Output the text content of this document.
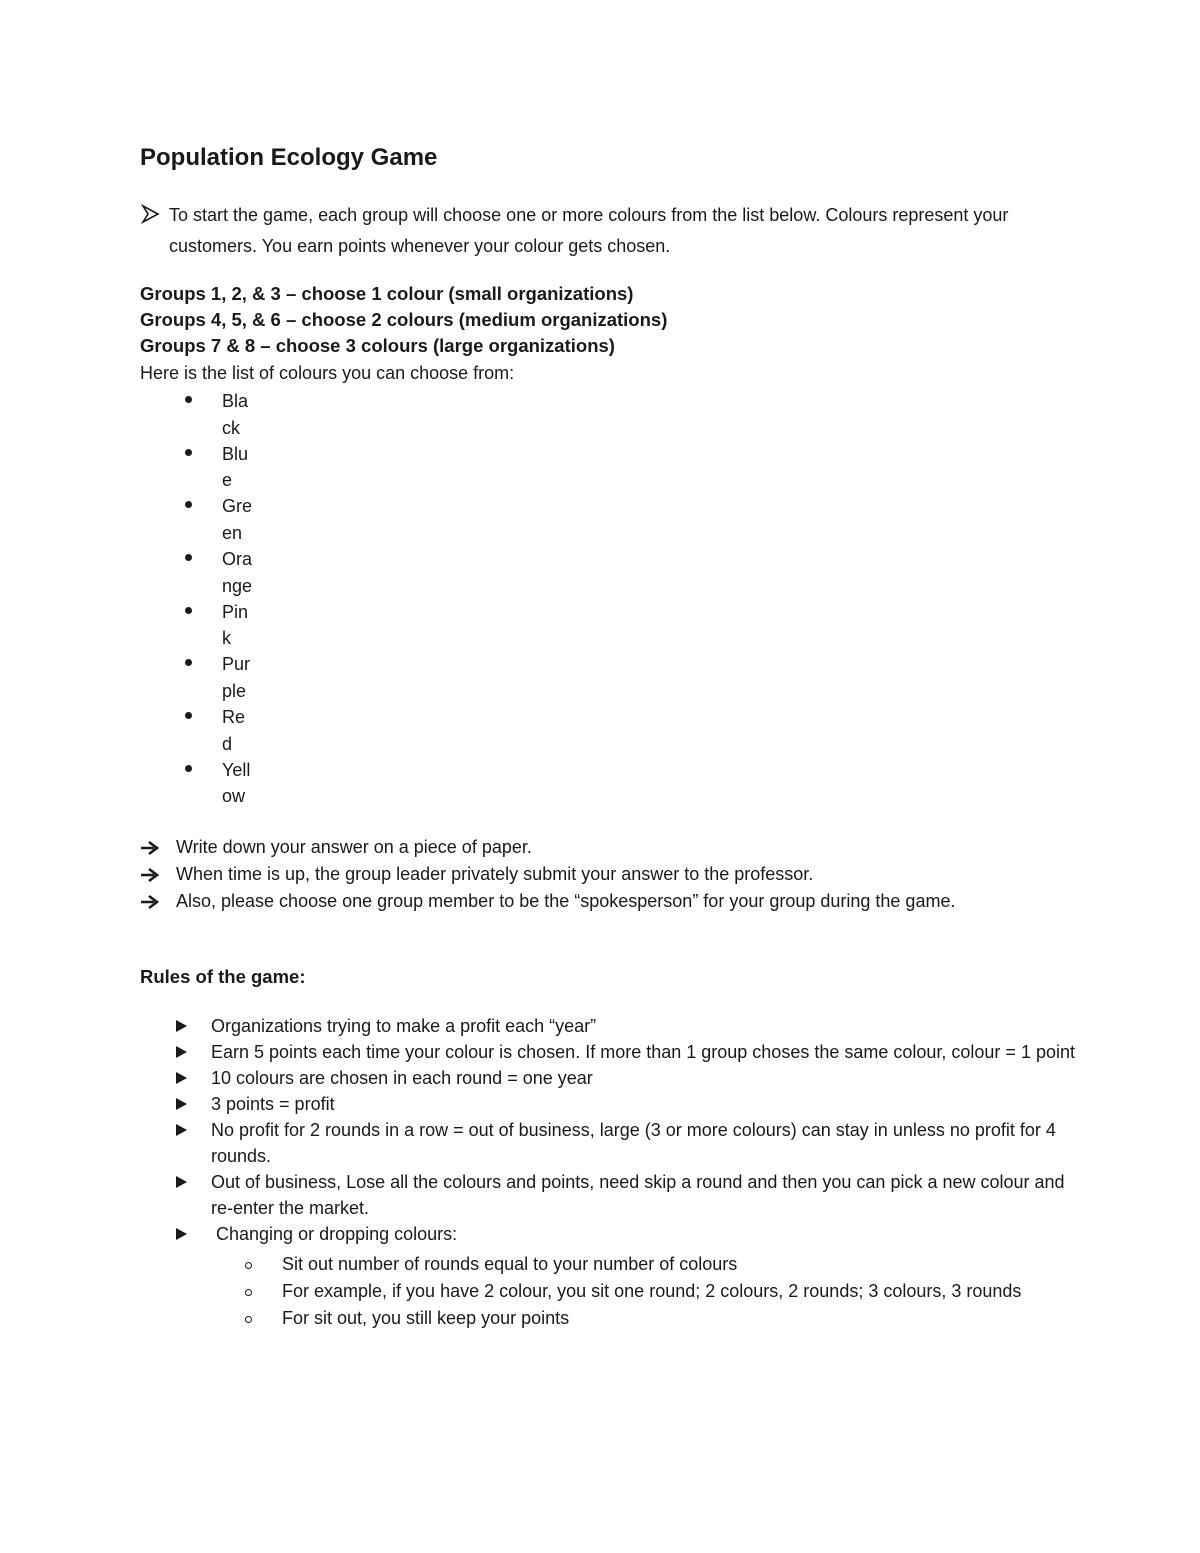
Population Ecology Game
To start the game, each group will choose one or more colours from the list below. Colours represent your customers. You earn points whenever your colour gets chosen.
Groups 1, 2, & 3 – choose 1 colour (small organizations)
Groups 4, 5, & 6 – choose 2 colours (medium organizations)
Groups 7 & 8 – choose 3 colours (large organizations)
Here is the list of colours you can choose from:
Black
Blue
Green
Orange
Pink
Purple
Red
Yellow
Write down your answer on a piece of paper.
When time is up, the group leader privately submit your answer to the professor.
Also, please choose one group member to be the “spokesperson” for your group during the game.
Rules of the game:
Organizations trying to make a profit each “year”
Earn 5 points each time your colour is chosen. If more than 1 group choses the same colour, colour = 1 point
10 colours are chosen in each round = one year
3 points = profit
No profit for 2 rounds in a row = out of business, large (3 or more colours) can stay in unless no profit for 4 rounds.
Out of business, Lose all the colours and points, need skip a round and then you can pick a new colour and re-enter the market.
Changing or dropping colours:
Sit out number of rounds equal to your number of colours
For example, if you have 2 colour, you sit one round; 2 colours, 2 rounds; 3 colours, 3 rounds
For sit out, you still keep your points
